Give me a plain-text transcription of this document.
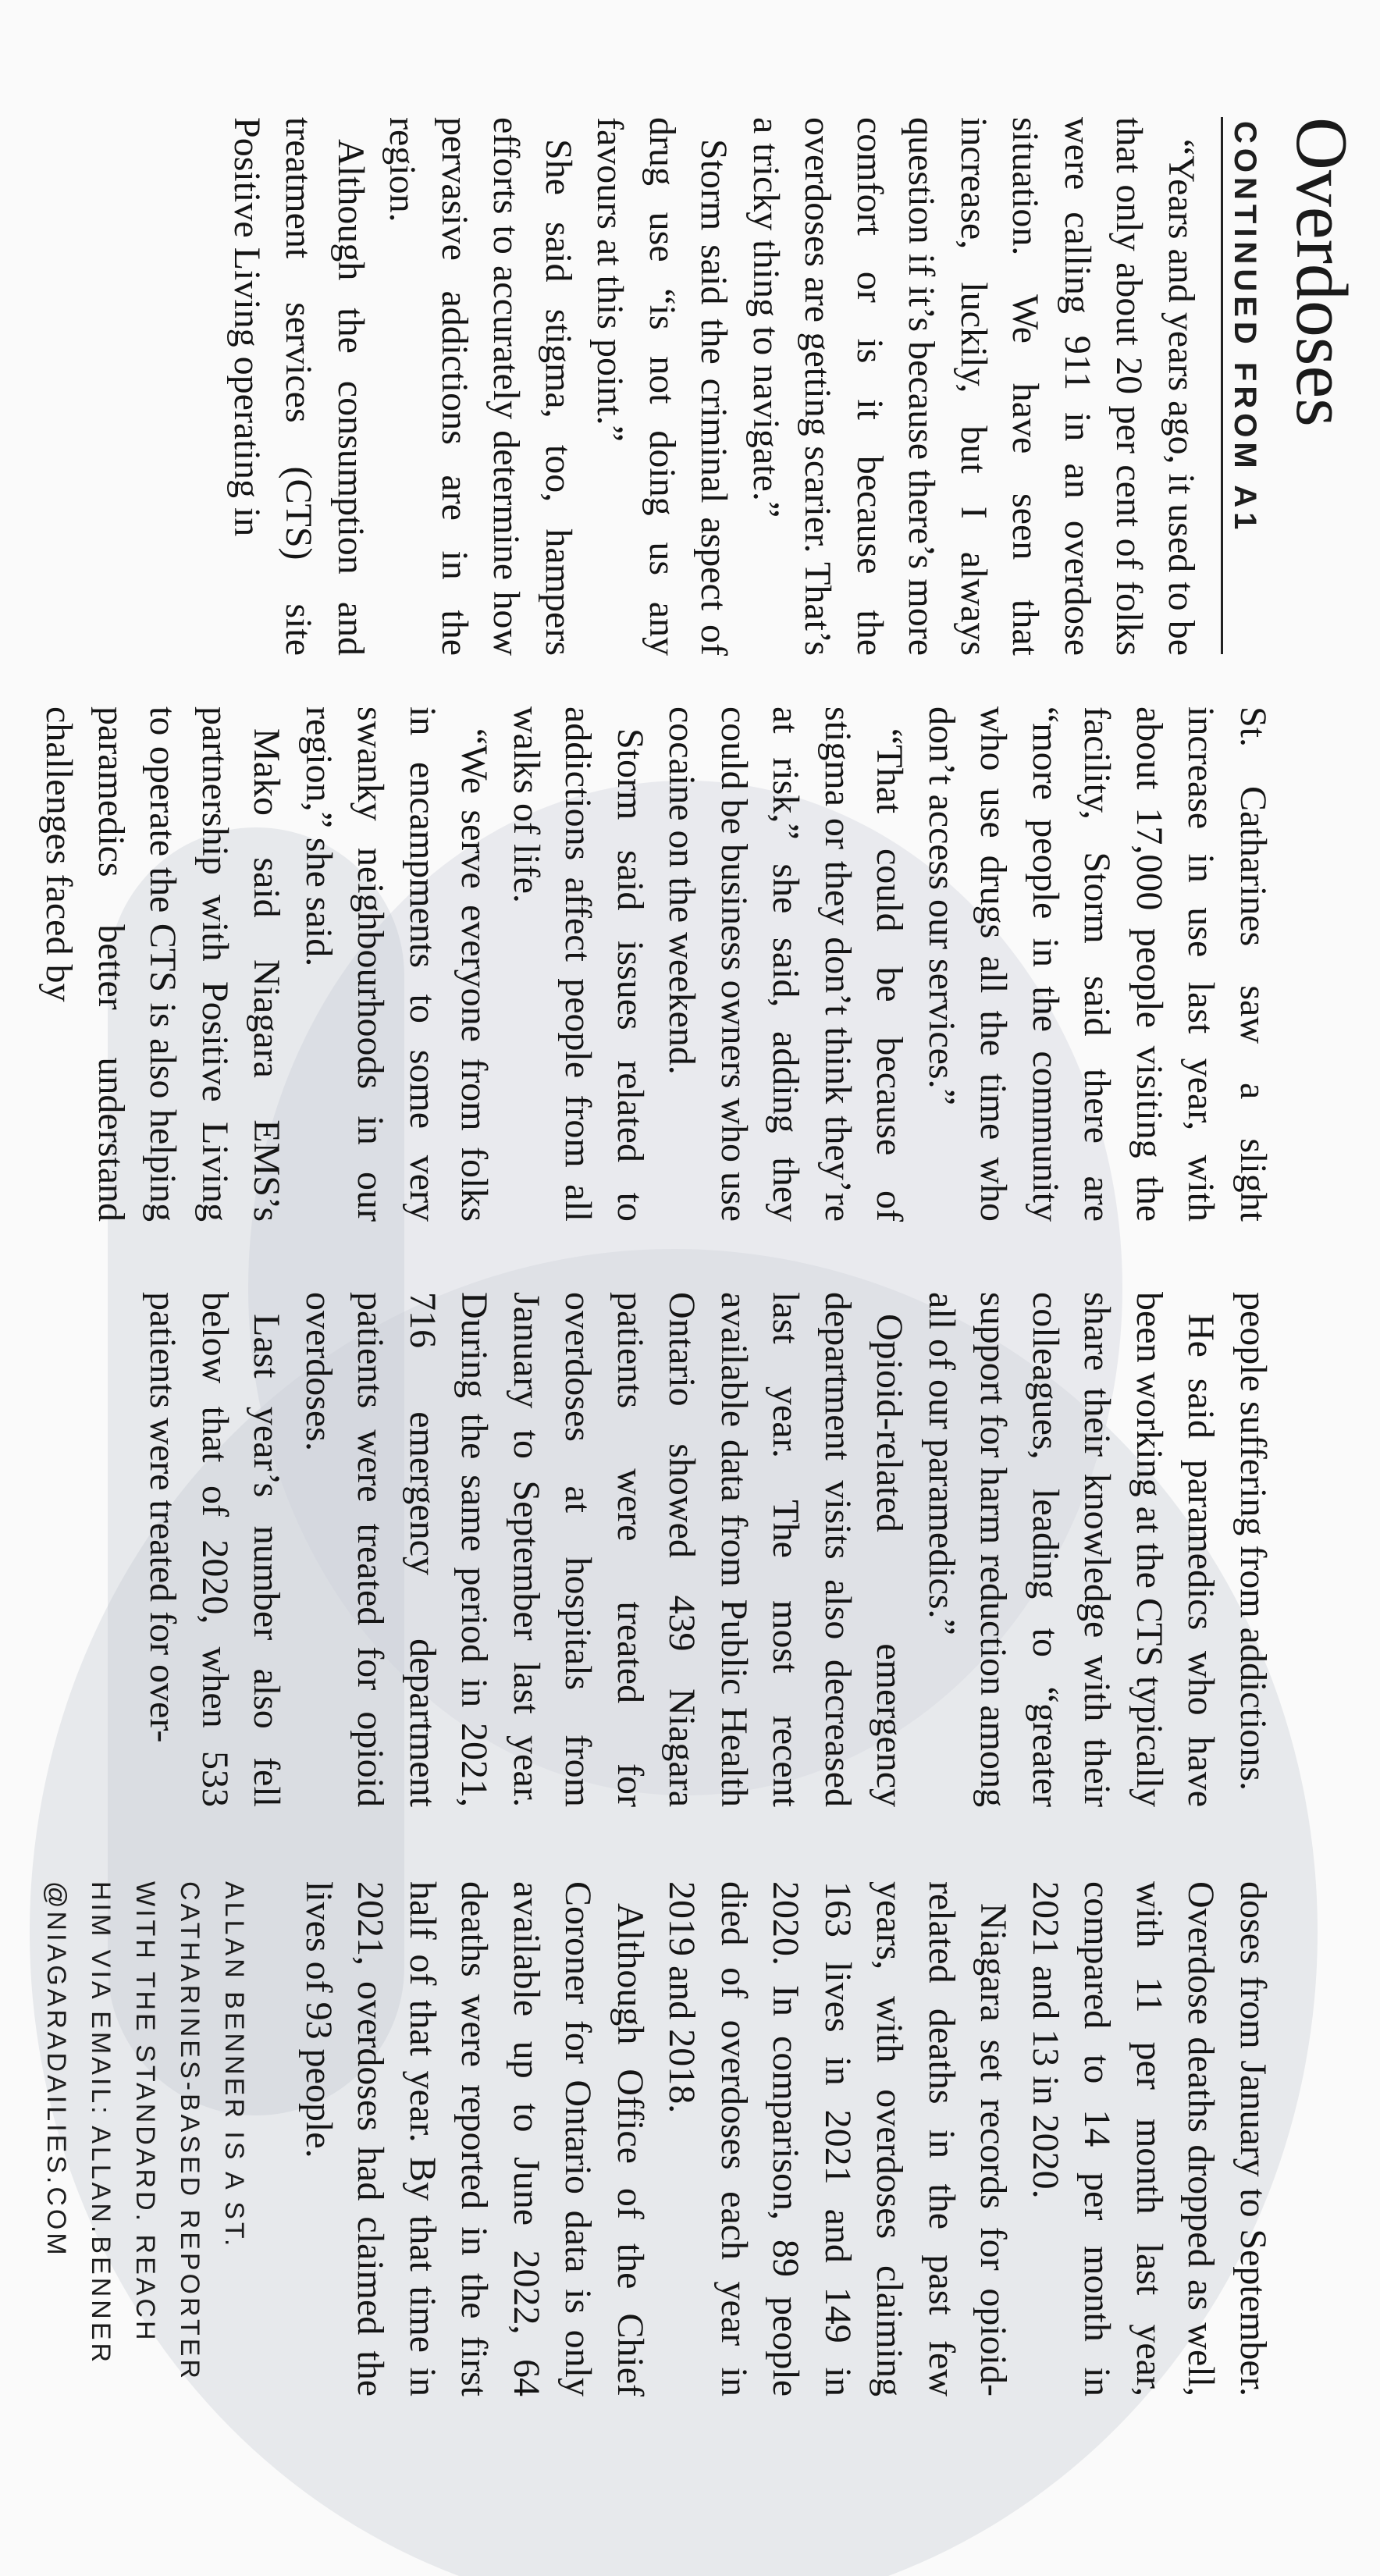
Overdoses
CONTINUED FROM A1

“Years and years ago, it used to be that only about 20 per cent of folks were calling 911 in an overdose situation. We have seen that increase, luckily, but I always question if it’s because there’s more comfort or is it because the overdoses are getting scarier. That’s a tricky thing to navigate.”

Storm said the criminal aspect of drug use “is not doing us any favours at this point.”

She said stigma, too, hampers efforts to accurately determine how pervasive addictions are in the region.

Although the consumption and treatment services (CTS) site Positive Living operating in

St. Catharines saw a slight increase in use last year, with about 17,000 people visiting the facility, Storm said there are “more people in the community who use drugs all the time who don’t access our services.”

“That could be because of stigma or they don’t think they’re at risk,” she said, adding they could be business owners who use cocaine on the weekend.

Storm said issues related to addictions affect people from all walks of life.

“We serve everyone from folks in encampments to some very swanky neighbourhoods in our region,” she said.

Mako said Niagara EMS’s partnership with Positive Living to operate the CTS is also helping paramedics better understand challenges faced by

people suffering from addictions.

He said paramedics who have been working at the CTS typically share their knowledge with their colleagues, leading to “greater support for harm reduction among all of our paramedics.”

Opioid-related emergency department visits also decreased last year. The most recent available data from Public Health Ontario showed 439 Niagara patients were treated for overdoses at hospitals from January to September last year. During the same period in 2021, 716 emergency department patients were treated for opioid overdoses.

Last year’s number also fell below that of 2020, when 533 patients were treated for over-

doses from January to September. Overdose deaths dropped as well, with 11 per month last year, compared to 14 per month in 2021 and 13 in 2020.

Niagara set records for opioid-related deaths in the past few years, with overdoses claiming 163 lives in 2021 and 149 in 2020. In comparison, 89 people died of overdoses each year in 2019 and 2018.

Although Office of the Chief Coroner for Ontario data is only available up to June 2022, 64 deaths were reported in the first half of that year. By that time in 2021, overdoses had claimed the lives of 93 people.

ALLAN BENNER IS A ST.

CATHARINES-BASED REPORTER

WITH THE STANDARD. REACH

HIM VIA EMAIL: ALLAN.BENNER

@NIAGARADAILIES.COM
